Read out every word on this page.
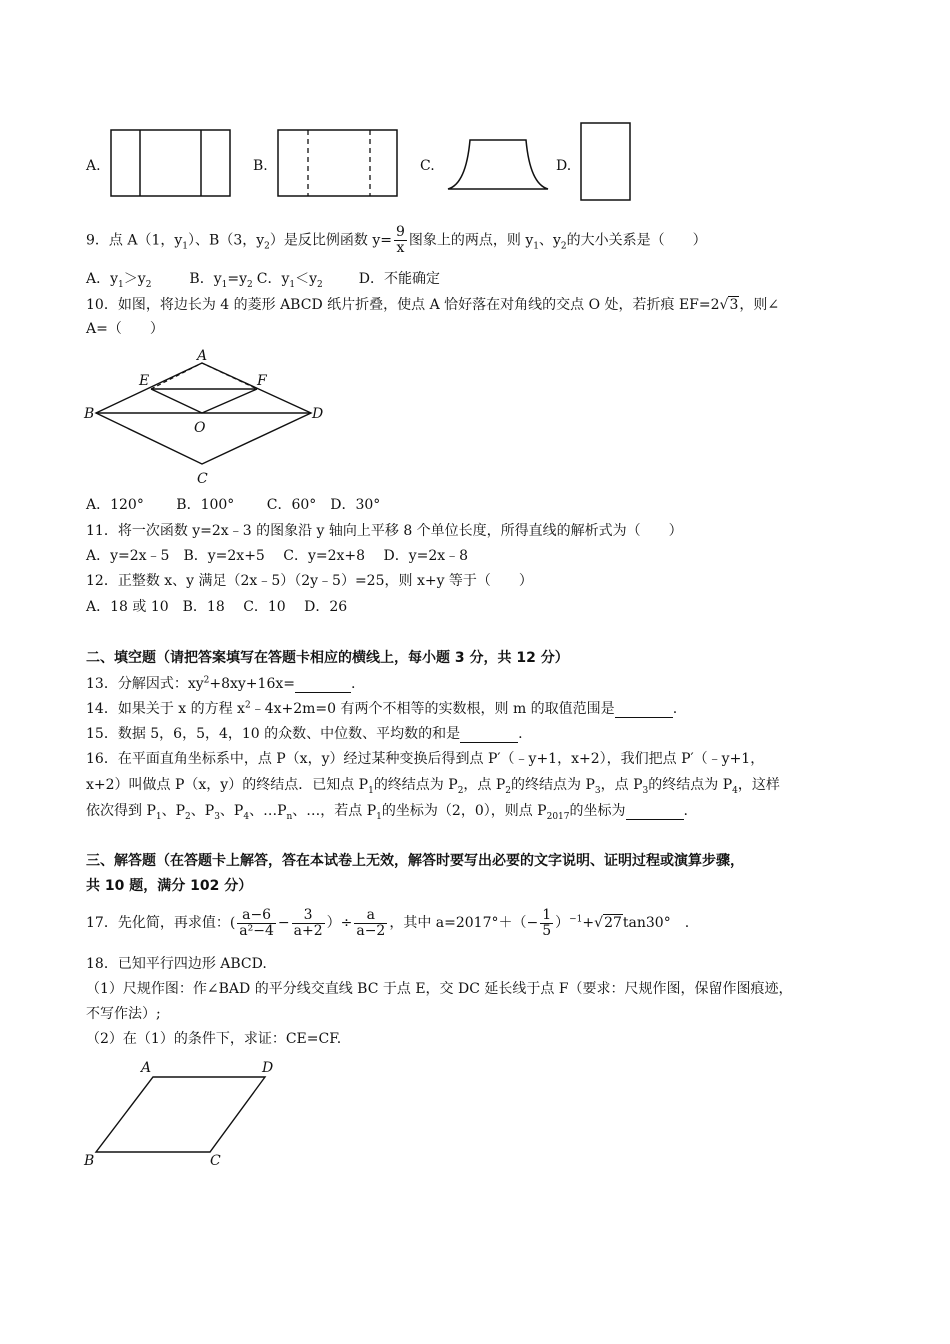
A.	B.	C.	D.
9．点 A（1，$y_1$）、B（3，$y_2$）是反比例函数 $y= \frac{9}{x}$ 图象上的两点，则 $y_1$、$y_2$的大小关系是（　　）
A．$y_1>y_2$	B．$y_1=y_2$ C．$y_1<y_2$	D．不能确定
10．如图，将边长为 4 的菱形 ABCD 纸片折叠，使点 A 恰好落在对角线的交点 O 处，若折痕 EF=2√3，则∠
A=（　　）
A
E	F
B
O
D
C
A．120°　　 B．100°　　 C．60°　D．30°
11．将一次函数 y=2x﹣3 的图象沿 y 轴向上平移 8 个单位长度，所得直线的解析式为（　　）
A．y=2x﹣5　B．y=2x+5　 C．y=2x+8　 D．y=2x﹣8
12．正整数 x、y 满足（2x﹣5）（2y﹣5）=25，则 x+y 等于（　　）
A．18 或 10　B．18　 C．10　 D．26
二、填空题（请把答案填写在答题卡相应的横线上，每小题 3 分，共 12 分）
13．分解因式：$xy^2+8xy+16x=$	.
14．如果关于 x 的方程 $x^2﹣4x+2m=0$ 有两个不相等的实数根，则 m 的取值范围是	.
15．数据 5，6，5，4，10 的众数、中位数、平均数的和是	.
16．在平面直角坐标系中，点 P（x，y）经过某种变换后得到点 P′（﹣y+1，x+2），我们把点 P′（﹣y+1，
x+2）叫做点 P（x，y）的终结点．已知点 $P_1$的终结点为 $P_2$，点 $P_2$的终结点为 $P_3$，点 $P_3$的终结点为 $P_4$，这样
依次得到 $P_1$、$P_2$、$P_3$、$P_4$、$\dots P_n$、…，若点 $P_1$的坐标为（2，0），则点 $P_{2017}$的坐标为	.
三、解答题（在答题卡上解答，答在本试卷上无效，解答时要写出必要的文字说明、证明过程或演算步骤，
共 10 题，满分 102 分）
17．先化简，再求值：( $\frac{a-6}{\text{a²−4}} - \frac{3}{a+2}$ ）÷ $\frac{a}{a-2}$ ，其中 $a=2017^\circ+(- \frac{1}{5} )^{-1}+√27\tan 30^\circ$　.
18．已知平行四边形 ABCD.
（1）尺规作图：作∠BAD 的平分线交直线 BC 于点 E，交 DC 延长线于点 F（要求：尺规作图，保留作图痕迹，
不写作法）;
（2）在（1）的条件下，求证：CE=CF.
A	D
B	C
